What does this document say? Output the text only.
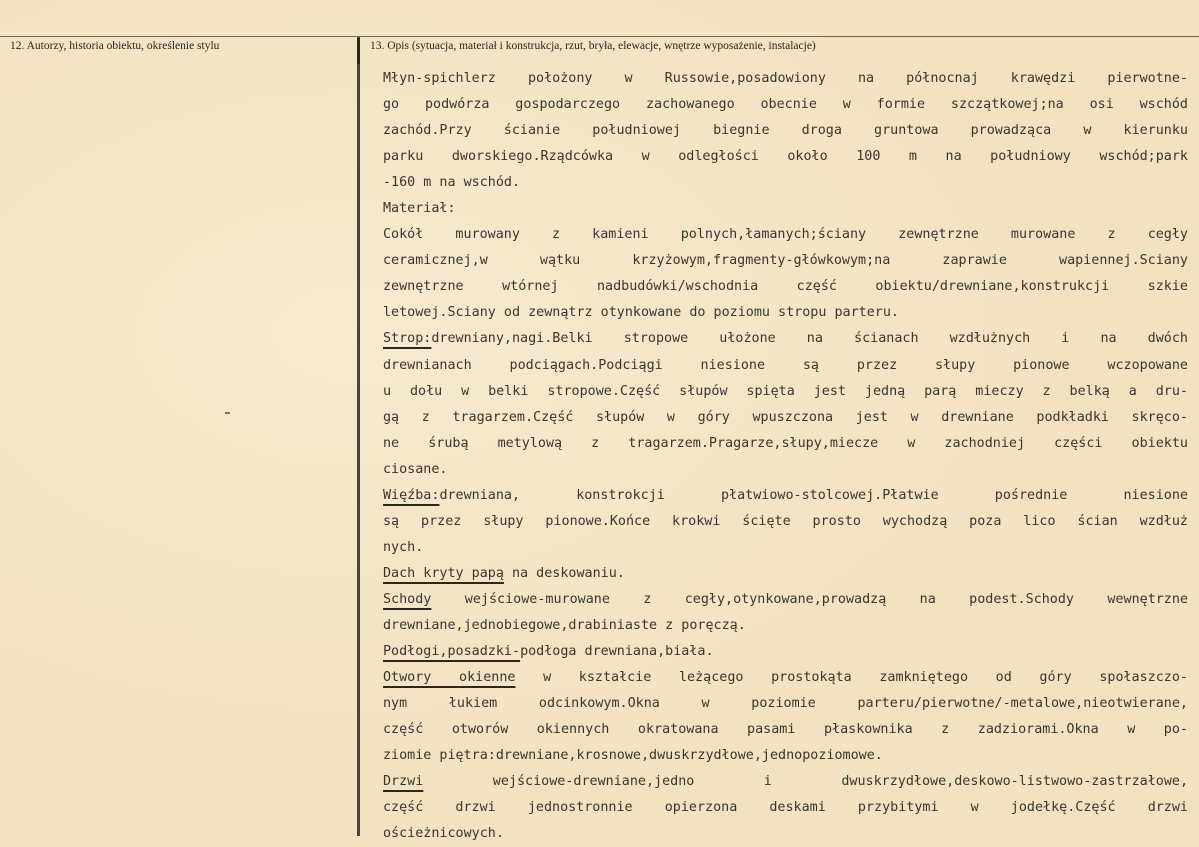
12. Autorzy, historia obiektu, określenie stylu	13. Opis (sytuacja, materiał i konstrukcja, rzut, bryła, elewacje, wnętrze wyposażenie, instalacje)
Młyn-spichlerz położony w Russowie,posadowiony na północnaj krawędzi pierwotne-
go podwórza gospodarczego zachowanego obecnie w formie szczątkowej;na osi wschód
zachód.Przy ścianie południowej biegnie droga gruntowa prowadząca w kierunku
parku dworskiego.Rządcówka w odległości około 100 m na południowy wschód;park
-160 m na wschód.
Materiał:
Cokół murowany z kamieni polnych,łamanych;ściany zewnętrzne murowane z cegły
ceramicznej,w wątku krzyżowym,fragmenty-główkowym;na zaprawie wapiennej.Sciany
zewnętrzne wtórnej nadbudówki/wschodnia część obiektu/drewniane,konstrukcji szkie
letowej.Sciany od zewnątrz otynkowane do poziomu stropu parteru.
Strop:drewniany,nagi.Belki stropowe ułożone na ścianach wzdłużnych i na dwóch
drewnianach podciągach.Podciągi niesione są przez słupy pionowe wczopowane
u dołu w belki stropowe.Część słupów spięta jest jedną parą mieczy z belką a dru-
gą z tragarzem.Część słupów w góry wpuszczona jest w drewniane podkładki skręco-
ne śrubą metylową z tragarzem.Pragarze,słupy,miecze w zachodniej części obiektu
ciosane.
Więźba:drewniana, konstrokcji płatwiowo-stolcowej.Płatwie pośrednie niesione
są przez słupy pionowe.Końce krokwi ścięte prosto wychodzą poza lico ścian wzdłuż
nych.
Dach kryty papą na deskowaniu.
Schody wejściowe-murowane z cegły,otynkowane,prowadzą na podest.Schody wewnętrzne
drewniane,jednobiegowe,drabiniaste z poręczą.
Podłogi,posadzki-podłoga drewniana,biała.
Otwory okienne w kształcie leżącego prostokąta zamkniętego od góry społaszczo-
nym łukiem odcinkowym.Okna w poziomie parteru/pierwotne/-metalowe,nieotwierane,
część otworów okiennych okratowana pasami płaskownika z zadziorami.Okna w po-
ziomie piętra:drewniane,krosnowe,dwuskrzydłowe,jednopoziomowe.
Drzwi wejściowe-drewniane,jedno i dwuskrzydłowe,deskowo-listwowo-zastrzałowe,
część drzwi jednostronnie opierzona deskami przybitymi w jodełkę.Część drzwi
ościeżnicowych.
